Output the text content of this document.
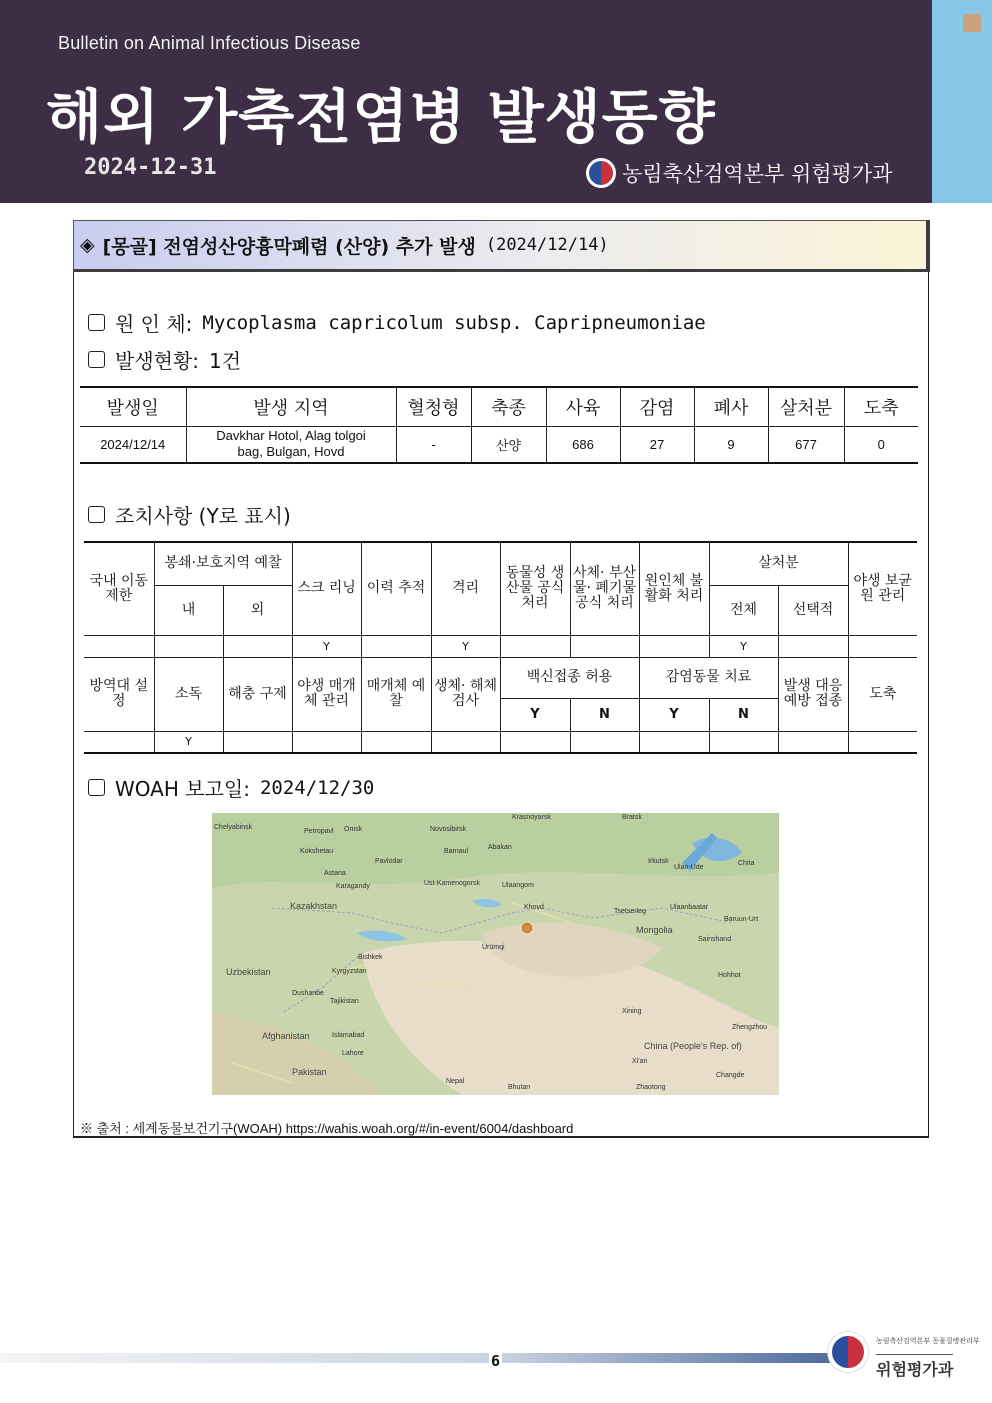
Bulletin on Animal Infectious Disease
해외 가축전염병 발생동향
2024-12-31	농림축산검역본부 위험평가과
◈ [몽골] 전염성산양흉막폐렴 (산양) 추가 발생 (2024/12/14)
원 인 체: Mycoplasma capricolum subsp. Capripneumoniae
발생현황: 1건
발생일	발생 지역	혈청형	축종	사육	감염	폐사	살처분	도축
2024/12/14	Davkhar Hotol, Alag tolgoi bag, Bulgan, Hovd	-	산양	686	27	9	677	0
조치사항 (Y로 표시)
국내 이동 제한	봉쇄·보호지역 예찰		스크 리닝	이력 추적	격리	동물성 생산물 공식 처리	사체· 부산물· 폐기물 공식 처리	원인체 불활화 처리	살처분		야생 보균원 관리
	내	외							전체	선택적	
			Y		Y				Y		
방역대 설정	소독	해충 구제	야생 매개체 관리	매개체 예찰	생체· 해체 검사	백신접종 허용		감염동물 치료		발생 대응 예방 접종	도축
						Y	N	Y	N		
	Y										
WOAH 보고일: 2024/12/30
Chelyabinsk
Petropavl Omsk	Novosibirsk
Krasnoyarsk	Bratsk
Kokshetau
Pavlodar
Barnaul
Abakan
Irkutsk	Chita
Ulan-Ude
Astana
Karagandy	Ust-Kamenogorsk	Ulaangom
Khovd
Tsetserleg
Ulaanbaatar
Kazakhstan
Mongolia
Baruun-Urt
Sainshand
Ürümqi
Bishkek
Uzbekistan	Kyrgyzstan
Dushanbe
Tajikistan
Hohhot
Xining
Zhengzhou
Afghanistan	Islamabad
Lahore
China (People's Rep. of)
Xi'an
Changde
Pakistan
Nepal
Bhutan	Zhaotong
※ 출처 : 세계동물보건기구(WOAH) https://wahis.woah.org/#/in-event/6004/dashboard
6
농림축산검역본부 동물질병관리부
위험평가과
